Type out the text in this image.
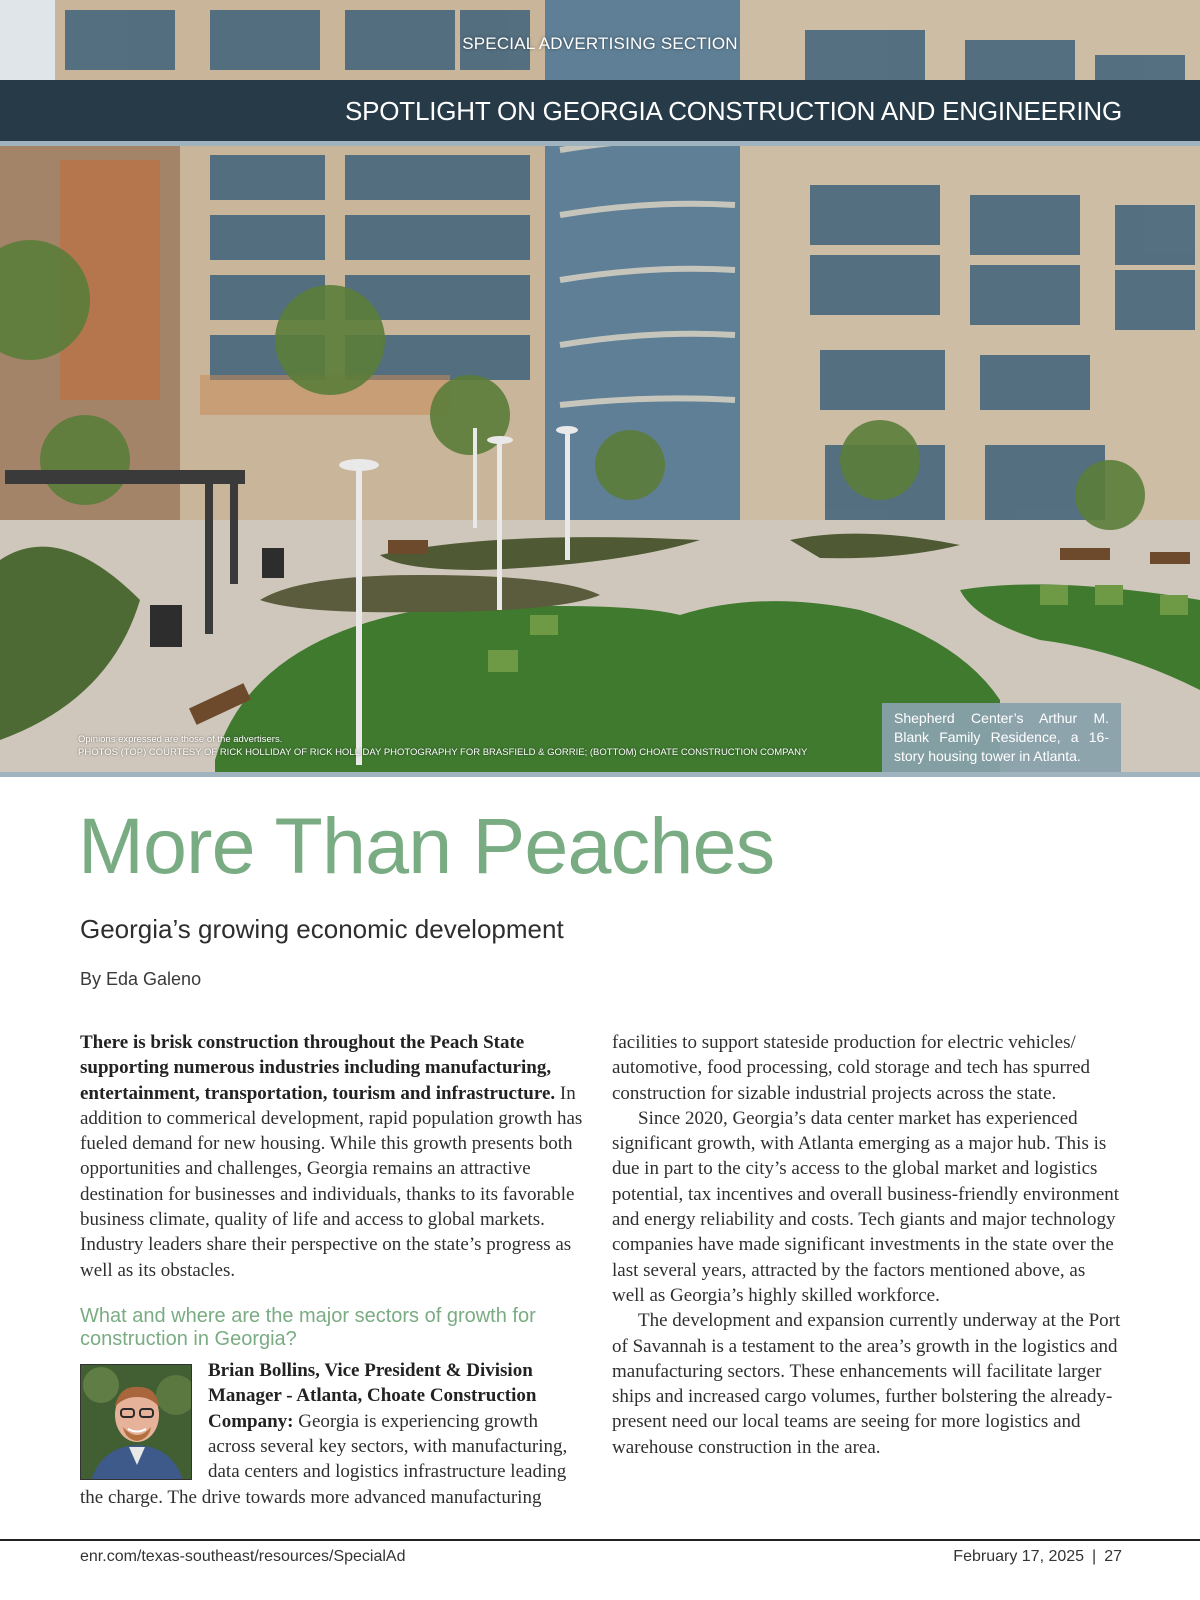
SPECIAL ADVERTISING SECTION
SPOTLIGHT ON GEORGIA CONSTRUCTION AND ENGINEERING
Opinions expressed are those of the advertisers.
PHOTOS (TOP) COURTESY OF RICK HOLLIDAY OF RICK HOLLIDAY PHOTOGRAPHY FOR BRASFIELD & GORRIE; (BOTTOM) CHOATE CONSTRUCTION COMPANY
Shepherd Center’s Arthur M. Blank Family Residence, a 16-story housing tower in Atlanta.
More Than Peaches
Georgia’s growing economic development
By Eda Galeno

There is brisk construction throughout the Peach State supporting numerous industries including manufacturing, entertainment, transportation, tourism and infrastructure. In addition to commerical development, rapid population growth has fueled demand for new housing. While this growth presents both opportunities and challenges, Georgia remains an attractive destination for businesses and individuals, thanks to its favorable business climate, quality of life and access to global markets. Industry leaders share their perspective on the state’s progress as well as its obstacles.

What and where are the major sectors of growth for construction in Georgia?
Brian Bollins, Vice President & Division Manager - Atlanta, Choate Construction Company: Georgia is experiencing growth across several key sectors, with manufacturing, data centers and logistics infrastructure leading
the charge. The drive towards more advanced manufacturing

facilities to support stateside production for electric vehicles/ automotive, food processing, cold storage and tech has spurred construction for sizable industrial projects across the state.

Since 2020, Georgia’s data center market has experienced significant growth, with Atlanta emerging as a major hub. This is due in part to the city’s access to the global market and logistics potential, tax incentives and overall business-friendly environment and energy reliability and costs. Tech giants and major technology companies have made significant investments in the state over the last several years, attracted by the factors mentioned above, as well as Georgia’s highly skilled workforce.

The development and expansion currently underway at the Port of Savannah is a testament to the area’s growth in the logistics and manufacturing sectors. These enhancements will facilitate larger ships and increased cargo volumes, further bolstering the already-present need our local teams are seeing for more logistics and warehouse construction in the area.

enr.com/texas-southeast/resources/SpecialAd	February 17, 2025 | 27
